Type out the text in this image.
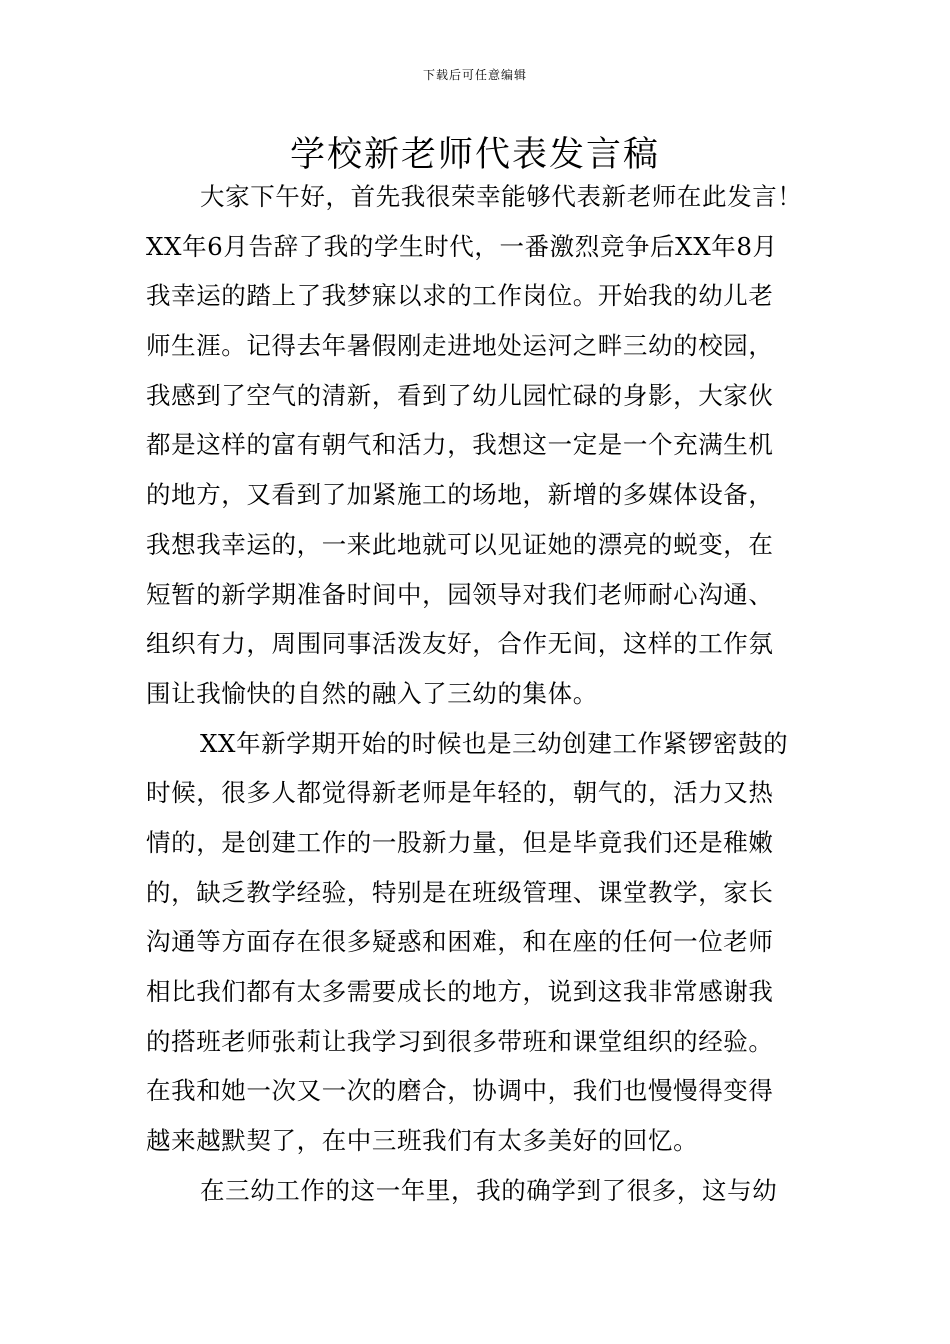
下载后可任意编辑
学校新老师代表发言稿
大家下午好，首先我很荣幸能够代表新老师在此发言！
XX年6月告辞了我的学生时代，一番激烈竞争后XX年8月
我幸运的踏上了我梦寐以求的工作岗位。开始我的幼儿老
师生涯。记得去年暑假刚走进地处运河之畔三幼的校园，
我感到了空气的清新，看到了幼儿园忙碌的身影，大家伙
都是这样的富有朝气和活力，我想这一定是一个充满生机
的地方，又看到了加紧施工的场地，新增的多媒体设备，
我想我幸运的，一来此地就可以见证她的漂亮的蜕变，在
短暂的新学期准备时间中，园领导对我们老师耐心沟通、
组织有力，周围同事活泼友好，合作无间，这样的工作氛
围让我愉快的自然的融入了三幼的集体。
XX年新学期开始的时候也是三幼创建工作紧锣密鼓的
时候，很多人都觉得新老师是年轻的，朝气的，活力又热
情的，是创建工作的一股新力量，但是毕竟我们还是稚嫩
的，缺乏教学经验，特别是在班级管理、课堂教学，家长
沟通等方面存在很多疑惑和困难，和在座的任何一位老师
相比我们都有太多需要成长的地方，说到这我非常感谢我
的搭班老师张莉让我学习到很多带班和课堂组织的经验。
在我和她一次又一次的磨合，协调中，我们也慢慢得变得
越来越默契了，在中三班我们有太多美好的回忆。
在三幼工作的这一年里，我的确学到了很多，这与幼
